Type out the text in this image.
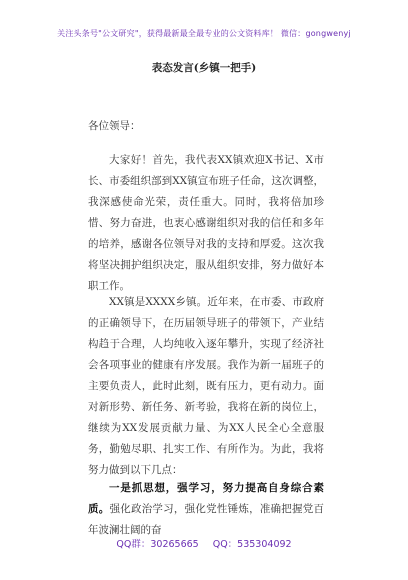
关注头条号"公文研究"，获得最新最全最专业的公文资料库！ 微信：gongwenyj
表态发言(乡镇一把手)
各位领导：

大家好！首先，我代表XX镇欢迎X书记、X市长、市委组织部到XX镇宣布班子任命，这次调整，我深感使命光荣，责任重大。同时，我将倍加珍惜、努力奋进，也衷心感谢组织对我的信任和多年的培养，感谢各位领导对我的支持和厚爱。这次我将坚决拥护组织决定，服从组织安排，努力做好本职工作。

XX镇是XXXX乡镇。近年来，在市委、市政府的正确领导下，在历届领导班子的带领下，产业结构趋于合理，人均纯收入逐年攀升，实现了经济社会各项事业的健康有序发展。我作为新一届班子的主要负责人，此时此刻，既有压力，更有动力。面对新形势、新任务、新考验，我将在新的岗位上，继续为XX发展贡献力量、为XX人民全心全意服务，勤勉尽职、扎实工作、有所作为。为此，我将努力做到以下几点：

一是抓思想，强学习，努力提高自身综合素质。强化政治学习，强化党性锤炼，准确把握党百年波澜壮阔的奋

QQ群：30265665 QQ：535304092
